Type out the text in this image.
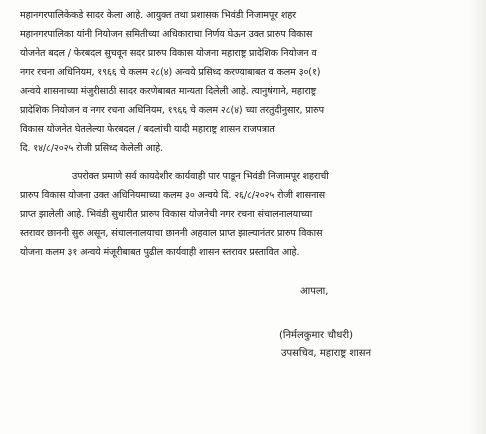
महानगरपालिकेकडे सादर केला आहे. आयुक्त तथा प्रशासक भिवंडी निजामपूर शहर
महानगरपालिका यांनी नियोजन समितीच्या अधिकाराचा निर्णय घेऊन उक्त प्रारुप विकास
योजनेत बदल / फेरबदल सुचवून सदर प्रारुप विकास योजना महाराष्ट्र प्रादेशिक नियोजन व
नगर रचना अधिनियम, १९६६ चे कलम २८(४) अन्वये प्रसिध्द करण्याबाबत व कलम ३०(१)
अन्वये शासनाच्या मंजुरीसाठी सादर करणेबाबत मान्यता दिलेली आहे. त्यानुषंगाने, महाराष्ट्र
प्रादेशिक नियोजन व नगर रचना अधिनियम, १९६६ चे कलम २८(४) च्या तरतुदीनुसार, प्रारुप
विकास योजनेत घेतलेल्या फेरबदल / बदलांची यादी महाराष्ट्र शासन राजपत्रात
दि. १४/८/२०२५ रोजी प्रसिध्द केलेली आहे.
उपरोक्त प्रमाणे सर्व कायदेशीर कार्यवाही पार पाडून भिवंडी निजामपूर शहराची
प्रारुप विकास योजना उक्त अधिनियमाच्या कलम ३० अन्वये दि. २६/८/२०२५ रोजी शासनास
प्राप्त झालेली आहे. भिवंडी सुधारीत प्रारुप विकास योजनेची नगर रचना संचालनालयाच्या
स्तरावर छाननी सुरु असून, संचालनालयाचा छाननी अहवाल प्राप्त झाल्यानंतर प्रारुप विकास
योजना कलम ३१ अन्वये मंजूरीबाबत पुढील कार्यवाही शासन स्तरावर प्रस्तावित आहे.
आपला,
(निर्मलकुमार चौधरी)
उपसचिव, महाराष्ट्र शासन
